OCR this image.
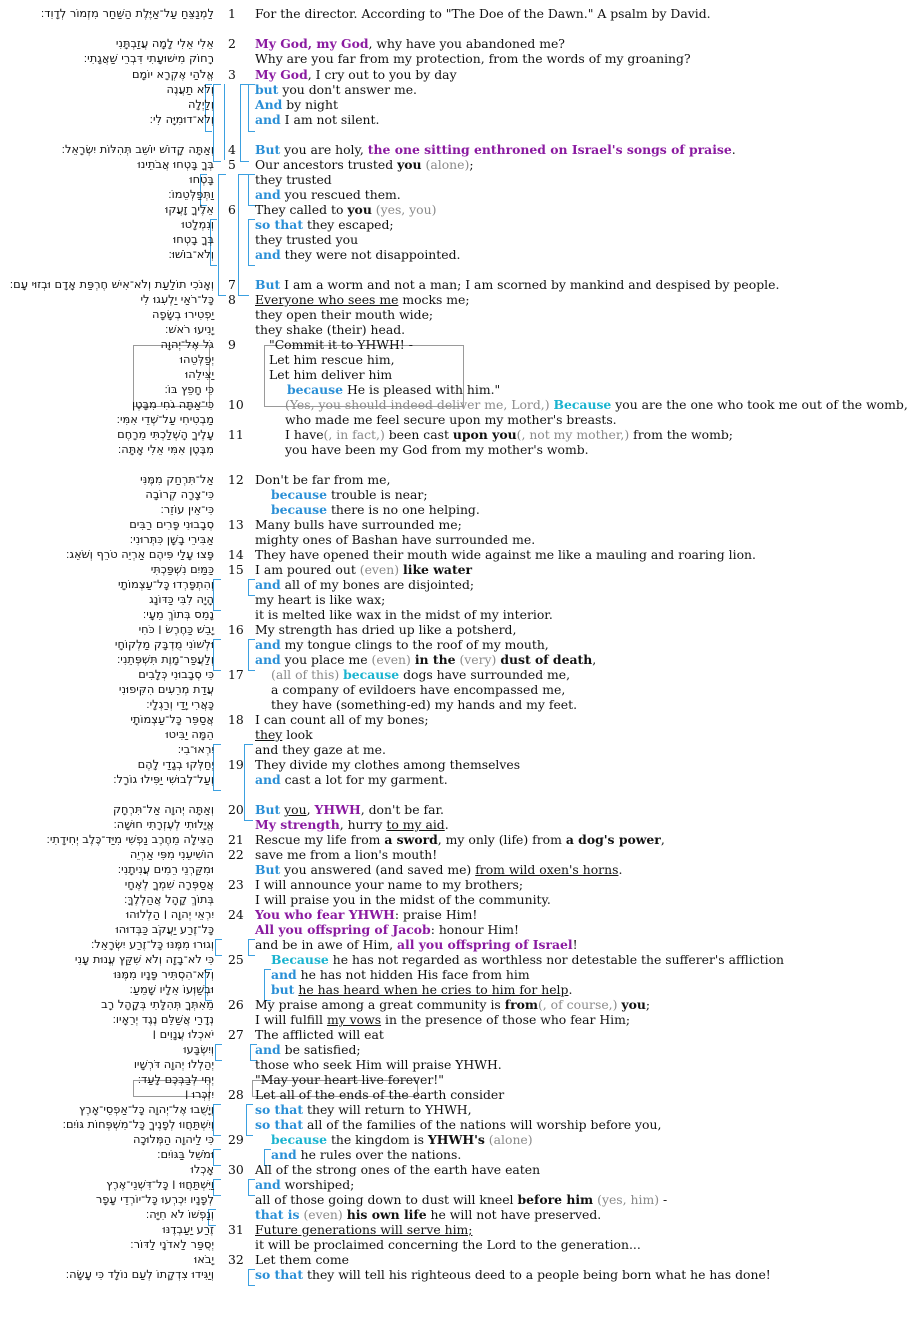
לַמְנַצֵּחַ עַל־אַיֶּלֶת הַשַּׁחַר מִזְמוֹר לְדָוִד׃ 1 For the director. According to "The Doe of the Dawn." A psalm by David.
אֵלִי אֵלִי לָמָה עֲזַבְתָּנִי 2 My God, my God, why have you abandoned me?
רָחוֹק מִישׁוּעָתִי דִּבְרֵי שַׁאֲגָתִי׃	Why are you far from my protection, from the words of my groaning?
אֱלֹהַי אֶקְרָא יוֹמָם 3 My God, I cry out to you by day
וְלֹא תַעֲנֶה	but you don't answer me.
וְלַיְלָה	And by night
וְלֹא־דוּמִיָּה לִי׃	and I am not silent.
וְאַתָּה קָדוֹשׁ יוֹשֵׁב תְּהִלּוֹת יִשְׂרָאֵל׃ 4 But you are holy, the one sitting enthroned on Israel's songs of praise.
בְּךָ בָּטְחוּ אֲבֹתֵינוּ 5 Our ancestors trusted you (alone);
בָּטְחוּ	they trusted
וַתְּפַלְּטֵמוֹ׃	and you rescued them.
אֵלֶיךָ זָעֲקוּ 6 They called to you (yes, you)
וְנִמְלָטוּ	so that they escaped;
בְּךָ בָטְחוּ	they trusted you
וְלֹא־בוֹשׁוּ׃	and they were not disappointed.
וְאָנֹכִי תוֹלַעַת וְלֹא־אִישׁ חֶרְפַּת אָדָם וּבְזוּי עָם׃ 7 But I am a worm and not a man; I am scorned by mankind and despised by people.
כָּל־רֹאַי יַלְעִגוּ לִי 8 Everyone who sees me mocks me;
יַפְטִירוּ בְשָׂפָה	they open their mouth wide;
יָנִיעוּ רֹאשׁ׃	they shake (their) head.
גֹּל אֶל־יְהוָה 9	"Commit it to YHWH! -
יְפַלְּטֵהוּ	Let him rescue him,
יַצִּילֵהוּ	Let him deliver him
כִּי חָפֵץ בּוֹ׃	because He is pleased with him."
כִּי־אַתָּה גֹחִי מִבָּטֶן 10	(Yes, you should indeed deliver me, Lord,) Because you are the one who took me out of the womb,
מַבְטִיחִי עַל־שְׁדֵי אִמִּי׃	who made me feel secure upon my mother's breasts.
עָלֶיךָ הָשְׁלַכְתִּי מֵרָחֶם 11	I have(, in fact,) been cast upon you(, not my mother,) from the womb;
מִבֶּטֶן אִמִּי אֵלִי אָתָּה׃	you have been my God from my mother's womb.
אַל־תִּרְחַק מִמֶּנִּי 12 Don't be far from me,
כִּי־צָרָה קְרוֹבָה	because trouble is near;
כִּי־אֵין עוֹזֵר׃	because there is no one helping.
סְבָבוּנִי פָּרִים רַבִּים 13 Many bulls have surrounded me;
אַבִּירֵי בָשָׁן כִּתְּרוּנִי׃	mighty ones of Bashan have surrounded me.
פָּצוּ עָלַי פִּיהֶם אַרְיֵה טֹרֵף וְשֹׁאֵג׃ 14 They have opened their mouth wide against me like a mauling and roaring lion.
כַּמַּיִם נִשְׁפַּכְתִּי 15 I am poured out (even) like water
וְהִתְפָּרְדוּ כָּל־עַצְמוֹתָי	and all of my bones are disjointed;
הָיָה לִבִּי כַּדּוֹנָג	my heart is like wax;
נָמֵס בְּתוֹךְ מֵעָי׃	it is melted like wax in the midst of my interior.
יָבֵשׁ כַּחֶרֶשׂ ׀ כֹּחִי 16 My strength has dried up like a potsherd,
וּלְשׁוֹנִי מֻדְבָּק מַלְקוֹחָי	and my tongue clings to the roof of my mouth,
וְלַעֲפַר־מָוֶת תִּשְׁפְּתֵנִי׃	and you place me (even) in the (very) dust of death,
כִּי סְבָבוּנִי כְּלָבִים 17 (all of this) because dogs have surrounded me,
עֲדַת מְרֵעִים הִקִּיפוּנִי	a company of evildoers have encompassed me,
כָּאֲרִי יָדַי וְרַגְלָי׃	they have (something-ed) my hands and my feet.
אֲסַפֵּר כָּל־עַצְמוֹתָי 18 I can count all of my bones;
הֵמָּה יַבִּיטוּ	they look
יִרְאוּ־בִי׃	and they gaze at me.
יְחַלְּקוּ בְגָדַי לָהֶם 19 They divide my clothes among themselves
וְעַל־לְבוּשִׁי יַפִּילוּ גוֹרָל׃	and cast a lot for my garment.
וְאַתָּה יְהוָה אַל־תִּרְחָק 20 But you, YHWH, don't be far.
אֱיָלוּתִי לְעֶזְרָתִי חוּשָׁה׃	My strength, hurry to my aid.
הַצִּילָה מֵחֶרֶב נַפְשִׁי מִיַּד־כֶּלֶב יְחִידָתִי׃ 21 Rescue my life from a sword, my only (life) from a dog's power,
הוֹשִׁיעֵנִי מִפִּי אַרְיֵה 22 save me from a lion's mouth!
וּמִקַּרְנֵי רֵמִים עֲנִיתָנִי׃	But you answered (and saved me) from wild oxen's horns.
אֲסַפְּרָה שִׁמְךָ לְאֶחָי 23 I will announce your name to my brothers;
בְּתוֹךְ קָהָל אֲהַלְלֶךָּ׃	I will praise you in the midst of the community.
יִרְאֵי יְהוָה ׀ הַלְלוּהוּ 24 You who fear YHWH: praise Him!
כָּל־זֶרַע יַעֲקֹב כַּבְּדוּהוּ	All you offspring of Jacob: honour Him!
וְגוּרוּ מִמֶּנּוּ כָּל־זֶרַע יִשְׂרָאֵל׃	and be in awe of Him, all you offspring of Israel!
כִּי לֹא־בָזָה וְלֹא שִׁקַּץ עֱנוּת עָנִי 25 Because he has not regarded as worthless nor detestable the sufferer's affliction
וְלֹא־הִסְתִּיר פָּנָיו מִמֶּנּוּ	and he has not hidden His face from him
וּבְשַׁוְּעוֹ אֵלָיו שָׁמֵעַ׃	but he has heard when he cries to him for help.
מֵאִתְּךָ תְּהִלָּתִי בְּקָהָל רָב 26 My praise among a great community is from(, of course,) you;
נְדָרַי אֲשַׁלֵּם נֶגֶד יְרֵאָיו׃	I will fulfill my vows in the presence of those who fear Him;
יֹאכְלוּ עֲנָוִים ׀ 27 The afflicted will eat
וְיִשְׂבָּעוּ	and be satisfied;
יְהַלְלוּ יְהוָה דֹּרְשָׁיו	those who seek Him will praise YHWH.
יְחִי לְבַבְכֶם לָעַד׃	"May your heart live forever!"
יִזְכְּרוּ ׀ 28 Let all of the ends of the earth consider
וְיָשֻׁבוּ אֶל־יְהוָה כָּל־אַפְסֵי־אָרֶץ	so that they will return to YHWH,
וְיִשְׁתַּחֲווּ לְפָנֶיךָ כָּל־מִשְׁפְּחוֹת גּוֹיִם׃	so that all of the families of the nations will worship before you,
כִּי לַיהוָה הַמְּלוּכָה 29 because the kingdom is YHWH's (alone)
וּמֹשֵׁל בַּגּוֹיִם׃	and he rules over the nations.
אָכְלוּ 30 All of the strong ones of the earth have eaten
וַיִּשְׁתַּחֲוּוּ ׀ כָּל־דִּשְׁנֵי־אֶרֶץ	and worshiped;
לְפָנָיו יִכְרְעוּ כָּל־יוֹרְדֵי עָפָר	all of those going down to dust will kneel before him (yes, him) -
וְנַפְשׁוֹ לֹא חִיָּה׃	that is (even) his own life he will not have preserved.
זֶרַע יַעַבְדֶנּוּ 31 Future generations will serve him;
יְסֻפַּר לַאדֹנָי לַדּוֹר׃	it will be proclaimed concerning the Lord to the generation...
יָבֹאוּ 32 Let them come
וְיַגִּידוּ צִדְקָתוֹ לְעַם נוֹלָד כִּי עָשָׂה׃	so that they will tell his righteous deed to a people being born what he has done!
